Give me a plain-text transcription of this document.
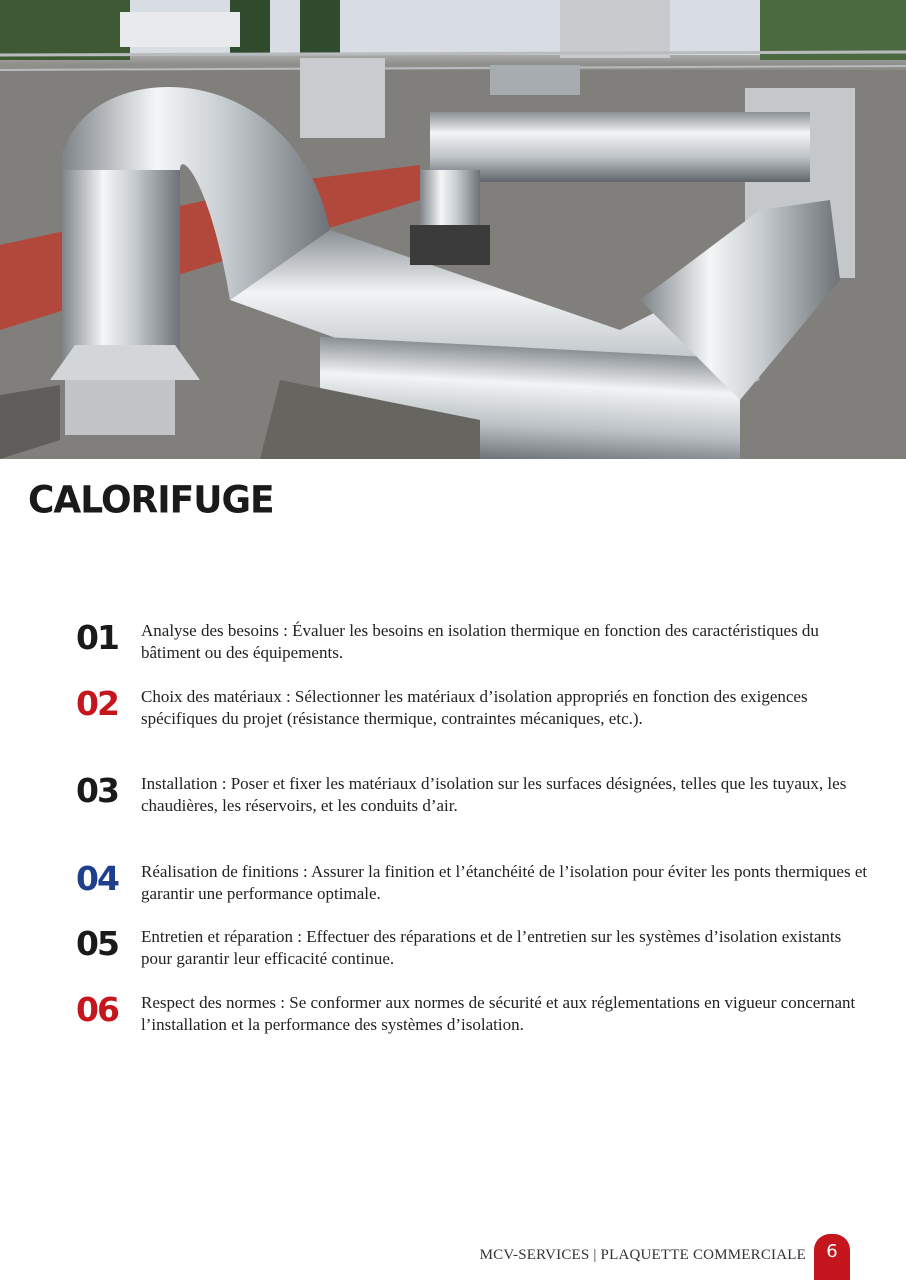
CALORIFUGE
01	Analyse des besoins : Évaluer les besoins en isolation thermique en fonction des caractéristiques du bâtiment ou des équipements.
02	Choix des matériaux : Sélectionner les matériaux d’isolation appropriés en fonction des exigences spécifiques du projet (résistance thermique, contraintes mécaniques, etc.).
03	Installation : Poser et fixer les matériaux d’isolation sur les surfaces désignées, telles que les tuyaux, les chaudières, les réservoirs, et les conduits d’air.
04	Réalisation de finitions : Assurer la finition et l’étanchéité de l’isolation pour éviter les ponts thermiques et garantir une performance optimale.
05	Entretien et réparation : Effectuer des réparations et de l’entretien sur les systèmes d’isolation existants pour garantir leur efficacité continue.
06	Respect des normes : Se conformer aux normes de sécurité et aux réglementations en vigueur concernant l’installation et la performance des systèmes d’isolation.
MCV-SERVICES | PLAQUETTE COMMERCIALE	6
